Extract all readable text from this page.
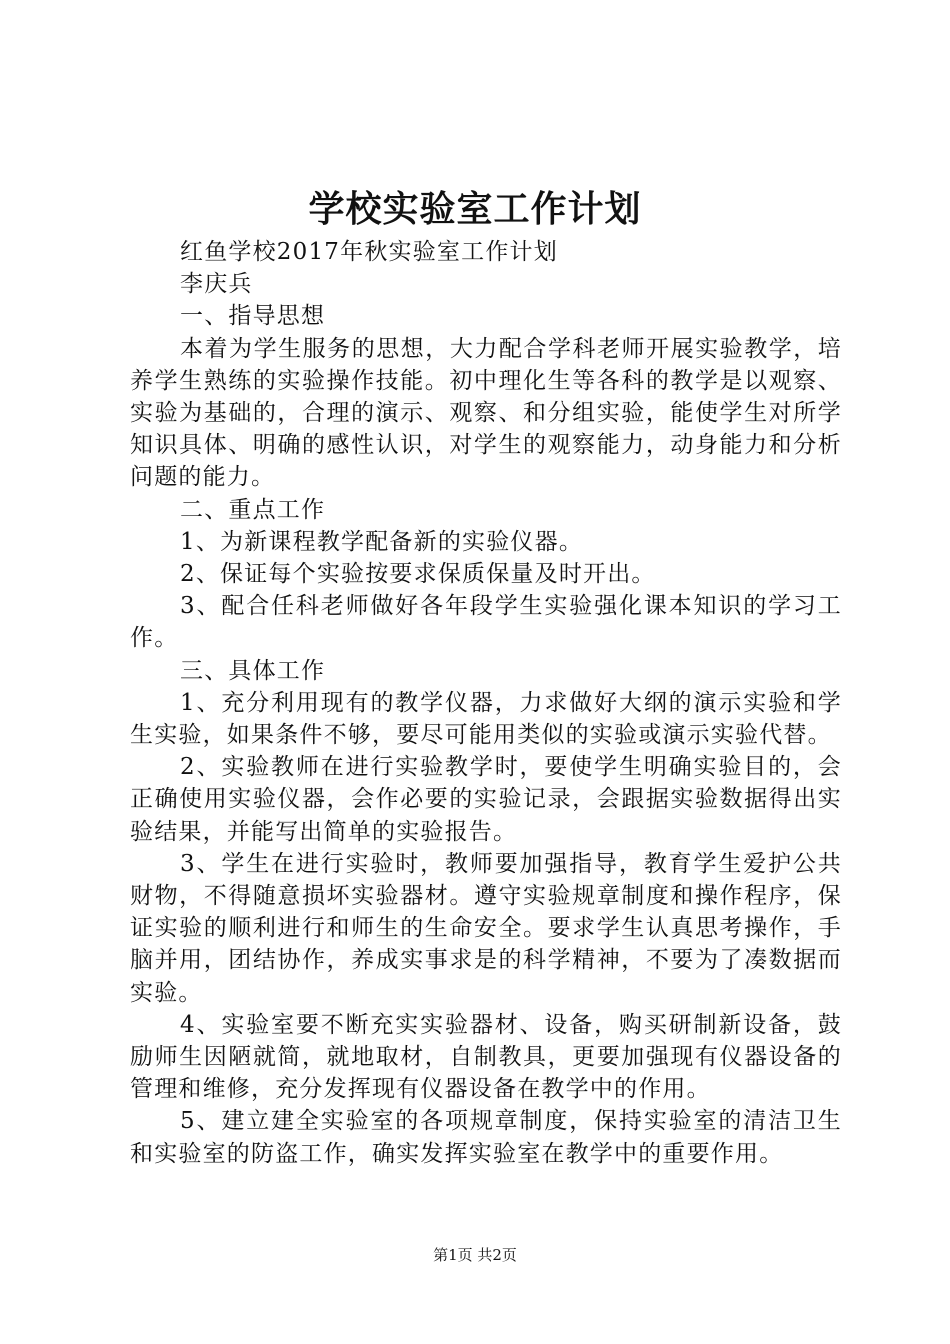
学校实验室工作计划

红鱼学校2017年秋实验室工作计划

李庆兵

一、指导思想

本着为学生服务的思想，大力配合学科老师开展实验教学，培养学生熟练的实验操作技能。初中理化生等各科的教学是以观察、实验为基础的，合理的演示、观察、和分组实验，能使学生对所学知识具体、明确的感性认识，对学生的观察能力，动身能力和分析问题的能力。

二、重点工作

1、为新课程教学配备新的实验仪器。

2、保证每个实验按要求保质保量及时开出。

3、配合任科老师做好各年段学生实验强化课本知识的学习工作。

三、具体工作

1、充分利用现有的教学仪器，力求做好大纲的演示实验和学生实验，如果条件不够，要尽可能用类似的实验或演示实验代替。

2、实验教师在进行实验教学时，要使学生明确实验目的，会正确使用实验仪器，会作必要的实验记录，会跟据实验数据得出实验结果，并能写出简单的实验报告。

3、学生在进行实验时，教师要加强指导，教育学生爱护公共财物，不得随意损坏实验器材。遵守实验规章制度和操作程序，保证实验的顺利进行和师生的生命安全。要求学生认真思考操作，手脑并用，团结协作，养成实事求是的科学精神，不要为了凑数据而实验。

4、实验室要不断充实实验器材、设备，购买研制新设备，鼓励师生因陋就简，就地取材，自制教具，更要加强现有仪器设备的管理和维修，充分发挥现有仪器设备在教学中的作用。

5、建立建全实验室的各项规章制度，保持实验室的清洁卫生和实验室的防盗工作，确实发挥实验室在教学中的重要作用。

第1页 共2页
